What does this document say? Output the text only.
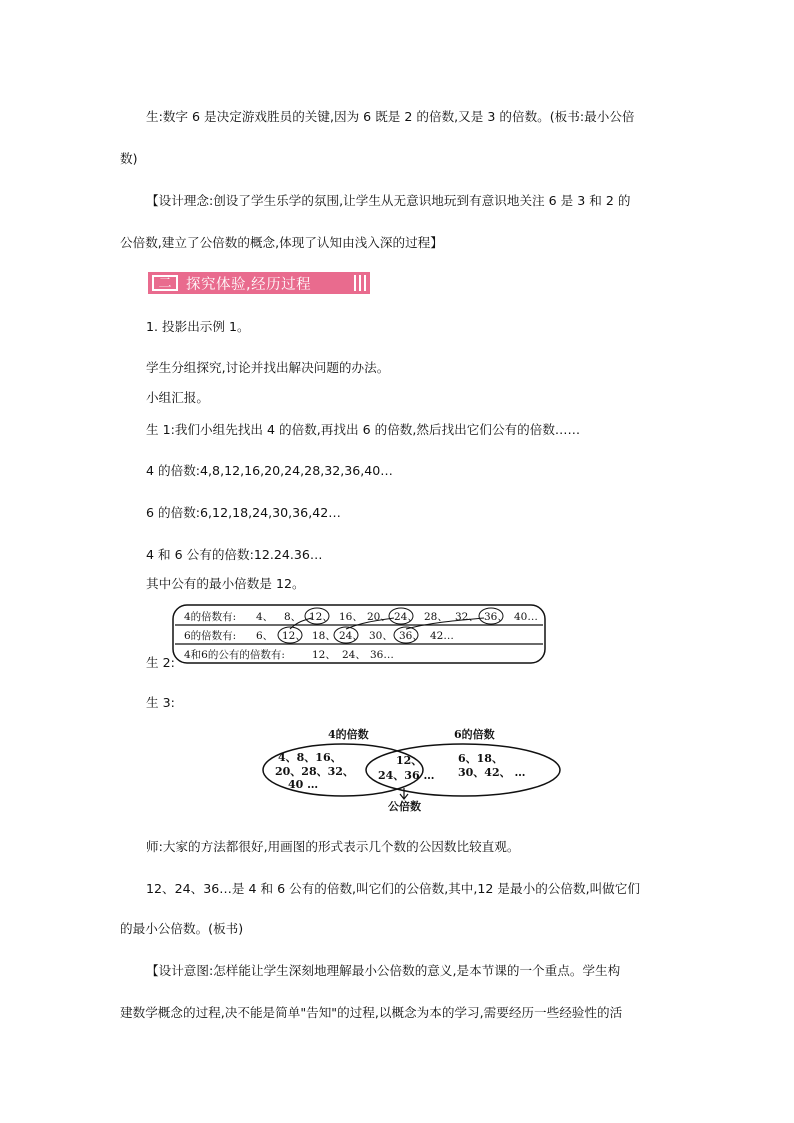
生:数字 6 是决定游戏胜员的关键,因为 6 既是 2 的倍数,又是 3 的倍数。(板书:最小公倍
数)
【设计理念:创设了学生乐学的氛围,让学生从无意识地玩到有意识地关注 6 是 3 和 2 的
公倍数,建立了公倍数的概念,体现了认知由浅入深的过程】
二	探究体验,经历过程
1. 投影出示例 1。
学生分组探究,讨论并找出解决问题的办法。
小组汇报。
生 1:我们小组先找出 4 的倍数,再找出 6 的倍数,然后找出它们公有的倍数……
4 的倍数:4,8,12,16,20,24,28,32,36,40…
6 的倍数:6,12,18,24,30,36,42…
4 和 6 公有的倍数:12.24.36…
其中公有的最小倍数是 12。
4的倍数有: 4、 8、 12、 16、 20、 24、 28、 32、 36、 40…
6的倍数有: 6、 12、 18、 24、 30、 36、 42…
4和6的公有的倍数有:	12、 24、 36…
生 2:
生 3:
4的倍数	6的倍数
4、8、16、
20、28、32、
40 …
12、
24、36 …
6、18、
30、42、 …
公倍数
师:大家的方法都很好,用画图的形式表示几个数的公因数比较直观。
12、24、36…是 4 和 6 公有的倍数,叫它们的公倍数,其中,12 是最小的公倍数,叫做它们
的最小公倍数。(板书)
【设计意图:怎样能让学生深刻地理解最小公倍数的意义,是本节课的一个重点。学生构
建数学概念的过程,决不能是简单"告知"的过程,以概念为本的学习,需要经历一些经验性的活
